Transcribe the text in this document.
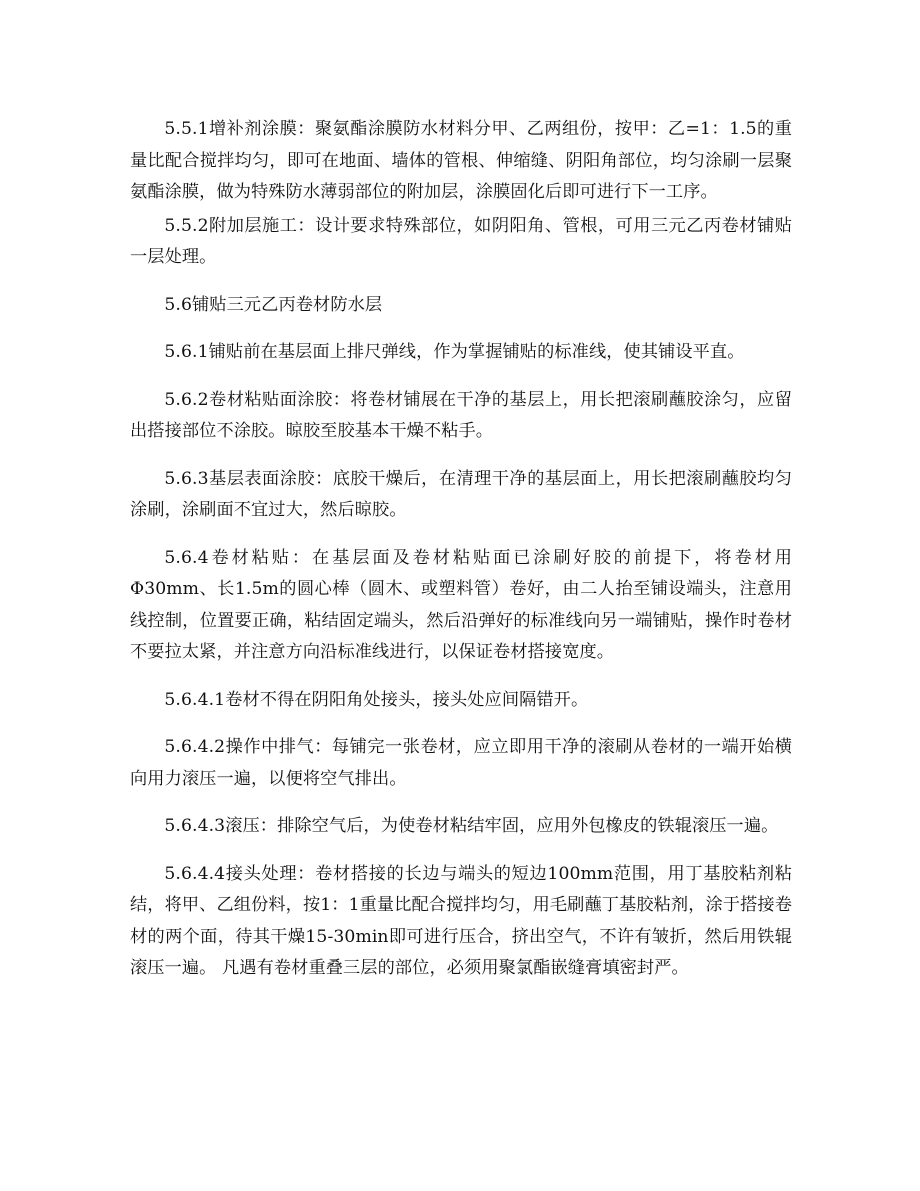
5.5.1增补剂涂膜：聚氨酯涂膜防水材料分甲、乙两组份，按甲：乙=1：1.5的重量比配合搅拌均匀，即可在地面、墙体的管根、伸缩缝、阴阳角部位，均匀涂刷一层聚氨酯涂膜，做为特殊防水薄弱部位的附加层，涂膜固化后即可进行下一工序。

5.5.2附加层施工：设计要求特殊部位，如阴阳角、管根，可用三元乙丙卷材铺贴一层处理。

5.6铺贴三元乙丙卷材防水层

5.6.1铺贴前在基层面上排尺弹线，作为掌握铺贴的标准线，使其铺设平直。

5.6.2卷材粘贴面涂胶：将卷材铺展在干净的基层上，用长把滚刷蘸胶涂匀，应留出搭接部位不涂胶。晾胶至胶基本干燥不粘手。

5.6.3基层表面涂胶：底胶干燥后，在清理干净的基层面上，用长把滚刷蘸胶均匀涂刷，涂刷面不宜过大，然后晾胶。

5.6.4卷材粘贴：在基层面及卷材粘贴面已涂刷好胶的前提下，将卷材用Φ30mm、长1.5m的圆心棒（圆木、或塑料管）卷好，由二人抬至铺设端头，注意用线控制，位置要正确，粘结固定端头，然后沿弹好的标准线向另一端铺贴，操作时卷材不要拉太紧，并注意方向沿标准线进行，以保证卷材搭接宽度。

5.6.4.1卷材不得在阴阳角处接头，接头处应间隔错开。

5.6.4.2操作中排气：每铺完一张卷材，应立即用干净的滚刷从卷材的一端开始横向用力滚压一遍，以便将空气排出。

5.6.4.3滚压：排除空气后，为使卷材粘结牢固，应用外包橡皮的铁辊滚压一遍。

5.6.4.4接头处理：卷材搭接的长边与端头的短边100mm范围，用丁基胶粘剂粘结，将甲、乙组份料，按1：1重量比配合搅拌均匀，用毛刷蘸丁基胶粘剂，涂于搭接卷材的两个面，待其干燥15-30min即可进行压合，挤出空气，不许有皱折，然后用铁辊滚压一遍。 凡遇有卷材重叠三层的部位，必须用聚氯酯嵌缝膏填密封严。
